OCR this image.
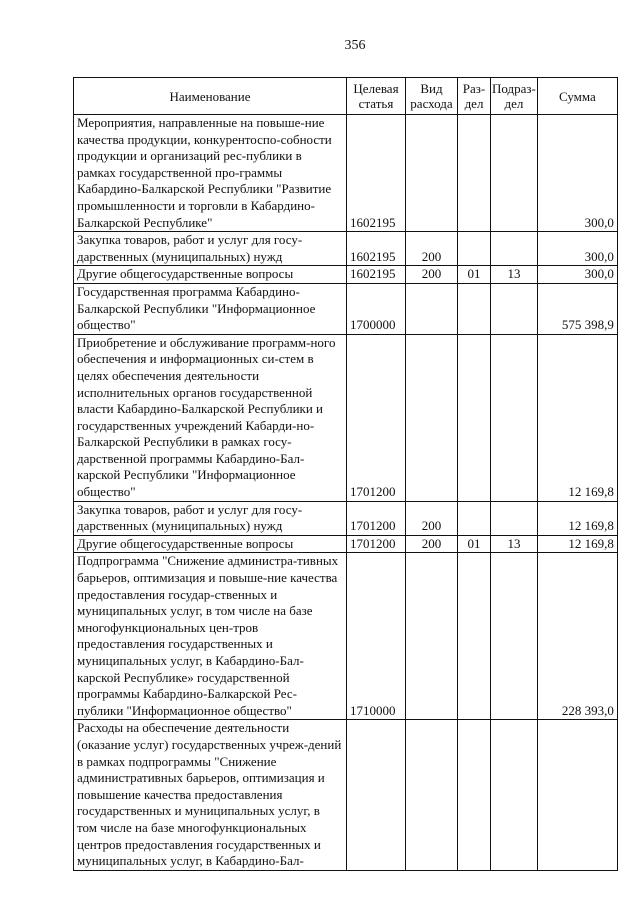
356
Наименование	Целевая статья	Вид расхода	Раз-дел	Подраз-дел	Сумма
Мероприятия, направленные на повыше-ние качества продукции, конкурентоспо-собности продукции и организаций рес-публики в рамках государственной про-граммы Кабардино-Балкарской Республики "Развитие промышленности и торговли в Кабардино-Балкарской Республике"	1602195				300,0
Закупка товаров, работ и услуг для госу-дарственных (муниципальных) нужд	1602195	200			300,0
Другие общегосударственные вопросы	1602195	200	01	13	300,0
Государственная программа Кабардино-Балкарской Республики "Информационное общество"	1700000				575 398,9
Приобретение и обслуживание программ-ного обеспечения и информационных си-стем в целях обеспечения деятельности исполнительных органов государственной власти Кабардино-Балкарской Республики и государственных учреждений Кабарди-но-Балкарской Республики в рамках госу-дарственной программы Кабардино-Бал-карской Республики "Информационное общество"	1701200				12 169,8
Закупка товаров, работ и услуг для госу-дарственных (муниципальных) нужд	1701200	200			12 169,8
Другие общегосударственные вопросы	1701200	200	01	13	12 169,8
Подпрограмма "Снижение администра-тивных барьеров, оптимизация и повыше-ние качества предоставления государ-ственных и муниципальных услуг, в том числе на базе многофункциональных цен-тров предоставления государственных и муниципальных услуг, в Кабардино-Бал-карской Республике» государственной программы Кабардино-Балкарской Рес-публики "Информационное общество"	1710000				228 393,0
Расходы на обеспечение деятельности (оказание услуг) государственных учреж-дений в рамках подпрограммы "Снижение административных барьеров, оптимизация и повышение качества предоставления государственных и муниципальных услуг, в том числе на базе многофункциональных центров предоставления государственных и муниципальных услуг, в Кабардино-Бал-					
